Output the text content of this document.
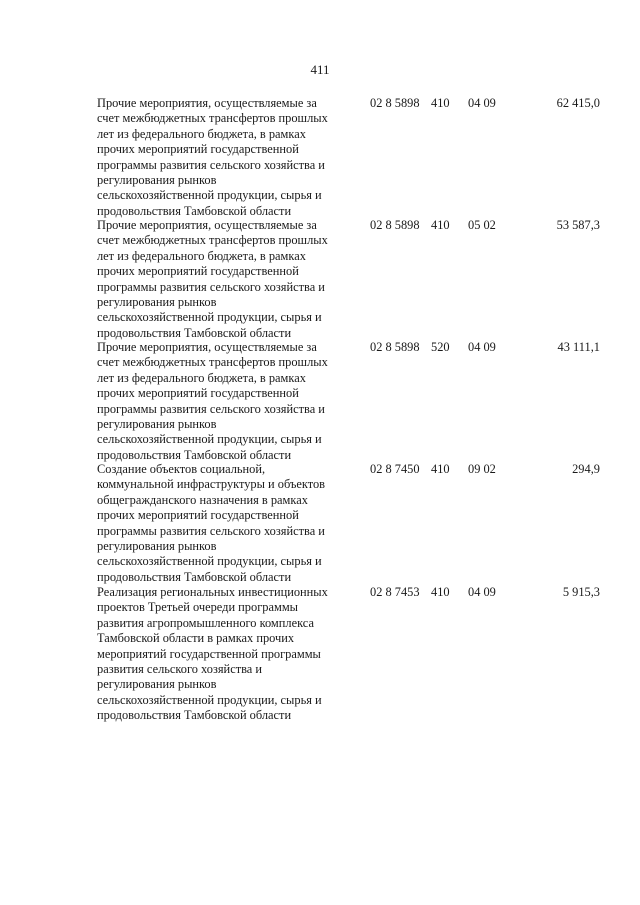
411
Прочие мероприятия, осуществляемые за
счет межбюджетных трансфертов прошлых
лет из федерального бюджета, в рамках
прочих мероприятий государственной
программы развития сельского хозяйства и
регулирования рынков
сельскохозяйственной продукции, сырья и
продовольствия Тамбовской области
02 8 5898 410 04 09	62 415,0
Прочие мероприятия, осуществляемые за
счет межбюджетных трансфертов прошлых
лет из федерального бюджета, в рамках
прочих мероприятий государственной
программы развития сельского хозяйства и
регулирования рынков
сельскохозяйственной продукции, сырья и
продовольствия Тамбовской области
02 8 5898 410 05 02	53 587,3
Прочие мероприятия, осуществляемые за
счет межбюджетных трансфертов прошлых
лет из федерального бюджета, в рамках
прочих мероприятий государственной
программы развития сельского хозяйства и
регулирования рынков
сельскохозяйственной продукции, сырья и
продовольствия Тамбовской области
02 8 5898 520 04 09	43 111,1
Создание объектов социальной,
коммунальной инфраструктуры и объектов
общегражданского назначения в рамках
прочих мероприятий государственной
программы развития сельского хозяйства и
регулирования рынков
сельскохозяйственной продукции, сырья и
продовольствия Тамбовской области
02 8 7450 410 09 02	294,9
Реализация региональных инвестиционных
проектов Третьей очереди программы
развития агропромышленного комплекса
Тамбовской области в рамках прочих
мероприятий государственной программы
развития сельского хозяйства и
регулирования рынков
сельскохозяйственной продукции, сырья и
продовольствия Тамбовской области
02 8 7453 410 04 09	5 915,3
